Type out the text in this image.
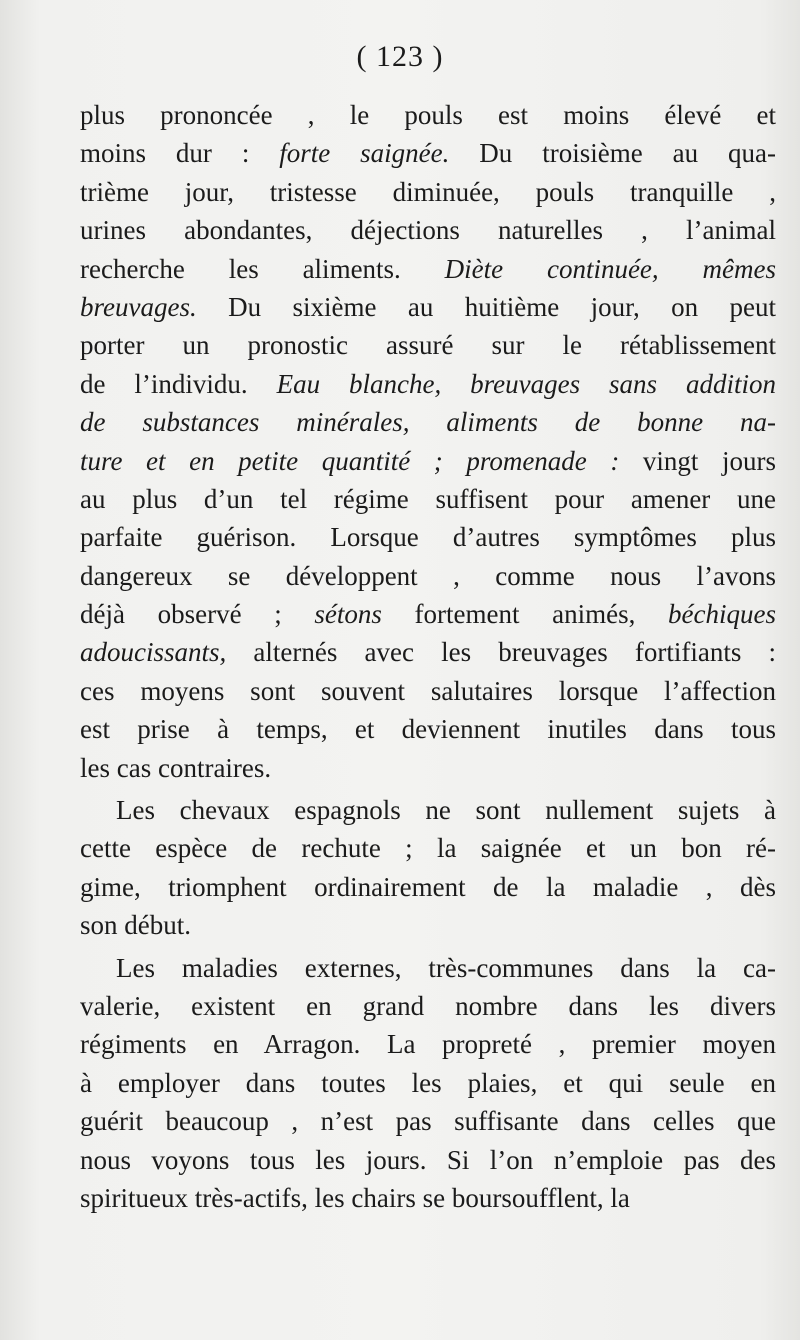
( 123 )
plus prononcée , le pouls est moins élevé et
moins dur : forte saignée. Du troisième au qua-
trième jour, tristesse diminuée, pouls tranquille ,
urines abondantes, déjections naturelles , l’animal
recherche les aliments. Diète continuée, mêmes
breuvages. Du sixième au huitième jour, on peut
porter un pronostic assuré sur le rétablissement
de l’individu. Eau blanche, breuvages sans addition
de substances minérales, aliments de bonne na-
ture et en petite quantité ; promenade : vingt jours
au plus d’un tel régime suffisent pour amener une
parfaite guérison. Lorsque d’autres symptômes plus
dangereux se développent , comme nous l’avons
déjà observé ; sétons fortement animés, béchiques
adoucissants, alternés avec les breuvages fortifiants :
ces moyens sont souvent salutaires lorsque l’affection
est prise à temps, et deviennent inutiles dans tous
les cas contraires.
Les chevaux espagnols ne sont nullement sujets à
cette espèce de rechute ; la saignée et un bon ré-
gime, triomphent ordinairement de la maladie , dès
son début.
Les maladies externes, très-communes dans la ca-
valerie, existent en grand nombre dans les divers
régiments en Arragon. La propreté , premier moyen
à employer dans toutes les plaies, et qui seule en
guérit beaucoup , n’est pas suffisante dans celles que
nous voyons tous les jours. Si l’on n’emploie pas des
spiritueux très-actifs, les chairs se boursoufflent, la
